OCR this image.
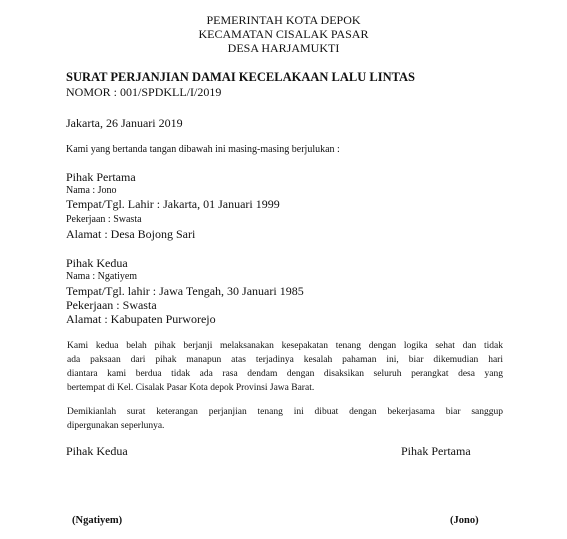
PEMERINTAH KOTA DEPOK
KECAMATAN CISALAK PASAR
DESA HARJAMUKTI
SURAT PERJANJIAN DAMAI KECELAKAAN LALU LINTAS
NOMOR : 001/SPDKLL/I/2019
Jakarta, 26 Januari 2019
Kami yang bertanda tangan dibawah ini masing-masing berjulukan :
Pihak Pertama
Nama : Jono
Tempat/Tgl. Lahir : Jakarta, 01 Januari 1999
Pekerjaan : Swasta
Alamat : Desa Bojong Sari
Pihak Kedua
Nama : Ngatiyem
Tempat/Tgl. lahir : Jawa Tengah, 30 Januari 1985
Pekerjaan : Swasta
Alamat : Kabupaten Purworejo
Kami kedua belah pihak berjanji melaksanakan kesepakatan tenang dengan logika sehat dan tidak
ada paksaan dari pihak manapun atas terjadinya kesalah pahaman ini, biar dikemudian hari
diantara kami berdua tidak ada rasa dendam dengan disaksikan seluruh perangkat desa yang
bertempat di Kel. Cisalak Pasar Kota depok Provinsi Jawa Barat.
Demikianlah surat keterangan perjanjian tenang ini dibuat dengan bekerjasama biar sanggup
dipergunakan seperlunya.
Pihak Kedua	Pihak Pertama
(Ngatiyem)	(Jono)
